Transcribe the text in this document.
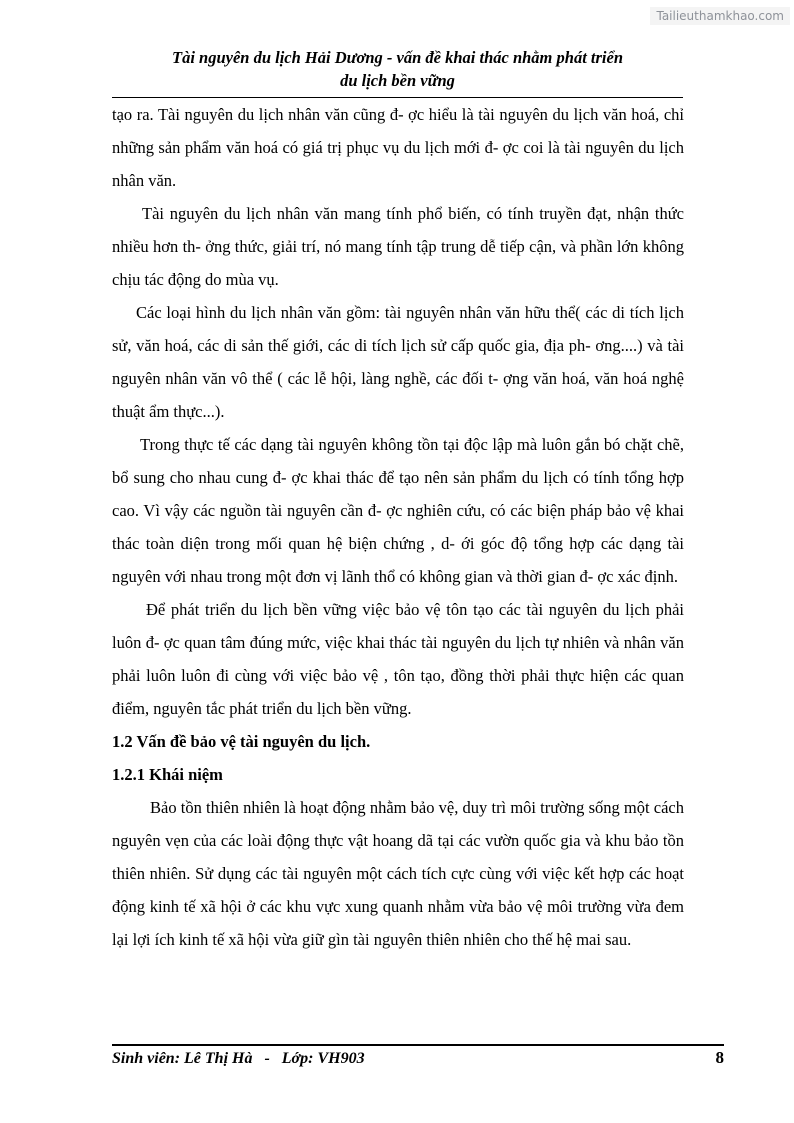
Tailieuthamkhao.com
Tài nguyên du lịch Hải Dương - vấn đề khai thác nhằm phát triển
du lịch bền vững

tạo ra. Tài nguyên du lịch nhân văn cũng đ- ợc hiểu là tài nguyên du lịch văn hoá, chỉ những sản phẩm văn hoá có giá trị phục vụ du lịch mới đ- ợc coi là tài nguyên du lịch nhân văn.

Tài nguyên du lịch nhân văn mang tính phổ biến, có tính truyền đạt, nhận thức nhiều hơn th- ởng thức, giải trí, nó mang tính tập trung dễ tiếp cận, và phần lớn không chịu tác động do mùa vụ.

Các loại hình du lịch nhân văn gồm: tài nguyên nhân văn hữu thể( các di tích lịch sử, văn hoá, các di sản thế giới, các di tích lịch sử cấp quốc gia, địa ph- ơng....) và tài nguyên nhân văn vô thể ( các lễ hội, làng nghề, các đối t- ợng văn hoá, văn hoá nghệ thuật ẩm thực...).

Trong thực tế các dạng tài nguyên không tồn tại độc lập mà luôn gắn bó chặt chẽ, bổ sung cho nhau cung đ- ợc khai thác để tạo nên sản phẩm du lịch có tính tổng hợp cao. Vì vậy các nguồn tài nguyên cần đ- ợc nghiên cứu, có các biện pháp bảo vệ khai thác toàn diện trong mối quan hệ biện chứng , d- ới góc độ tổng hợp các dạng tài nguyên với nhau trong một đơn vị lãnh thổ có không gian và thời gian đ- ợc xác định.

Để phát triển du lịch bền vững việc bảo vệ tôn tạo các tài nguyên du lịch phải luôn đ- ợc quan tâm đúng mức, việc khai thác tài nguyên du lịch tự nhiên và nhân văn phải luôn luôn đi cùng với việc bảo vệ , tôn tạo, đồng thời phải thực hiện các quan điểm, nguyên tắc phát triển du lịch bền vững.

1.2 Vấn đề bảo vệ tài nguyên du lịch.
1.2.1 Khái niệm

Bảo tồn thiên nhiên là hoạt động nhằm bảo vệ, duy trì môi trường sống một cách nguyên vẹn của các loài động thực vật hoang dã tại các vườn quốc gia và khu bảo tồn thiên nhiên. Sử dụng các tài nguyên một cách tích cực cùng với việc kết hợp các hoạt động kinh tế xã hội ở các khu vực xung quanh nhằm vừa bảo vệ môi trường vừa đem lại lợi ích kinh tế xã hội vừa giữ gìn tài nguyên thiên nhiên cho thế hệ mai sau.

Sinh viên: Lê Thị Hà   -   Lớp: VH903	8
